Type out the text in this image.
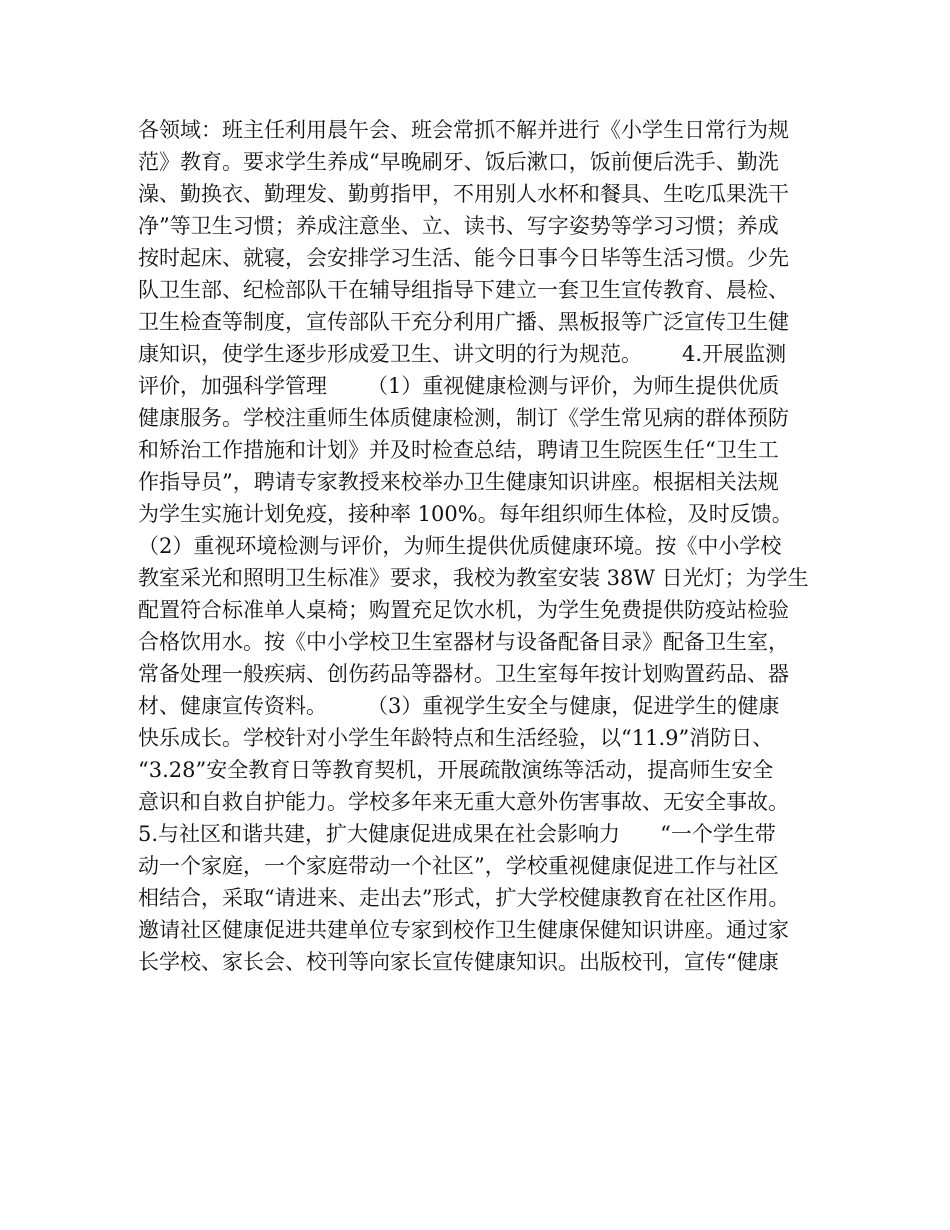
各领域：班主任利用晨午会、班会常抓不解并进行《小学生日常行为规
范》教育。要求学生养成“早晚刷牙、饭后漱口，饭前便后洗手、勤洗
澡、勤换衣、勤理发、勤剪指甲，不用别人水杯和餐具、生吃瓜果洗干
净”等卫生习惯；养成注意坐、立、读书、写字姿势等学习习惯；养成
按时起床、就寝，会安排学习生活、能今日事今日毕等生活习惯。少先
队卫生部、纪检部队干在辅导组指导下建立一套卫生宣传教育、晨检、
卫生检查等制度，宣传部队干充分利用广播、黑板报等广泛宣传卫生健
康知识，使学生逐步形成爱卫生、讲文明的行为规范。      4.开展监测
评价，加强科学管理      （1）重视健康检测与评价，为师生提供优质
健康服务。学校注重师生体质健康检测，制订《学生常见病的群体预防
和矫治工作措施和计划》并及时检查总结，聘请卫生院医生任“卫生工
作指导员”，聘请专家教授来校举办卫生健康知识讲座。根据相关法规
为学生实施计划免疫，接种率 100%。每年组织师生体检，及时反馈。
（2）重视环境检测与评价，为师生提供优质健康环境。按《中小学校
教室采光和照明卫生标准》要求，我校为教室安装 38W 日光灯；为学生
配置符合标准单人桌椅；购置充足饮水机，为学生免费提供防疫站检验
合格饮用水。按《中小学校卫生室器材与设备配备目录》配备卫生室，
常备处理一般疾病、创伤药品等器材。卫生室每年按计划购置药品、器
材、健康宣传资料。      （3）重视学生安全与健康，促进学生的健康
快乐成长。学校针对小学生年龄特点和生活经验，以“11.9”消防日、
“3.28”安全教育日等教育契机，开展疏散演练等活动，提高师生安全
意识和自救自护能力。学校多年来无重大意外伤害事故、无安全事故。
5.与社区和谐共建，扩大健康促进成果在社会影响力      “一个学生带
动一个家庭，一个家庭带动一个社区”，学校重视健康促进工作与社区
相结合，采取“请进来、走出去”形式，扩大学校健康教育在社区作用。
邀请社区健康促进共建单位专家到校作卫生健康保健知识讲座。通过家
长学校、家长会、校刊等向家长宣传健康知识。出版校刊，宣传“健康
